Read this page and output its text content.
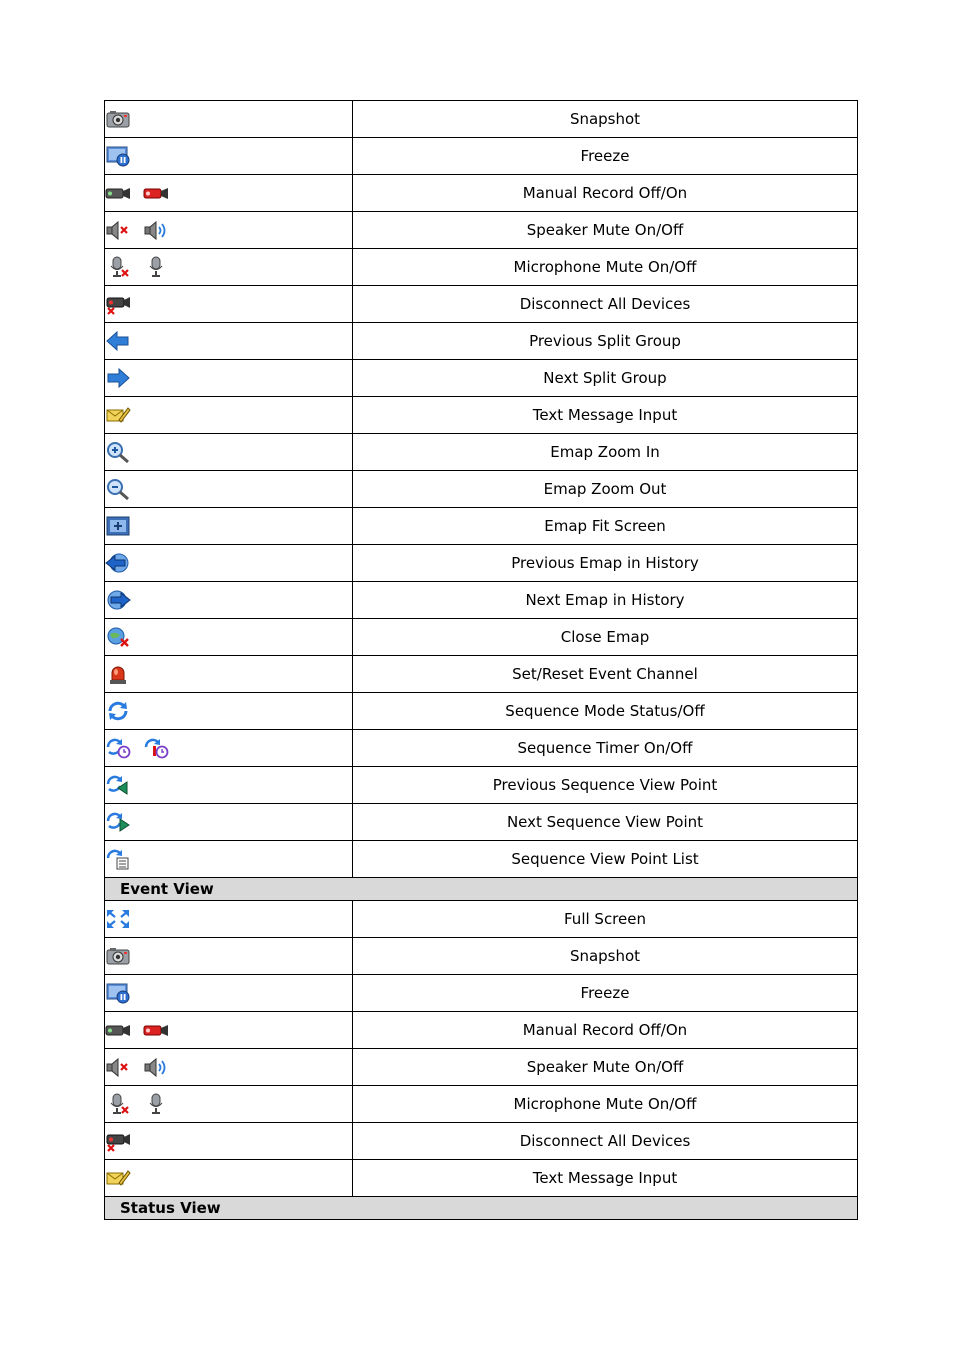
	Snapshot

	Freeze

	Manual Record Off/On

	Speaker Mute On/Off

	Microphone Mute On/Off

	Disconnect All Devices

	Previous Split Group

	Next Split Group

	Text Message Input

	Emap Zoom In

	Emap Zoom Out

	Emap Fit Screen

	Previous Emap in History

	Next Emap in History

	Close Emap

	Set/Reset Event Channel

	Sequence Mode Status/Off

	Sequence Timer On/Off

	Previous Sequence View Point

	Next Sequence View Point

	Sequence View Point List
Event View	

	Full Screen

	Snapshot

	Freeze

	Manual Record Off/On

	Speaker Mute On/Off

	Microphone Mute On/Off

	Disconnect All Devices

	Text Message Input
Status View	
